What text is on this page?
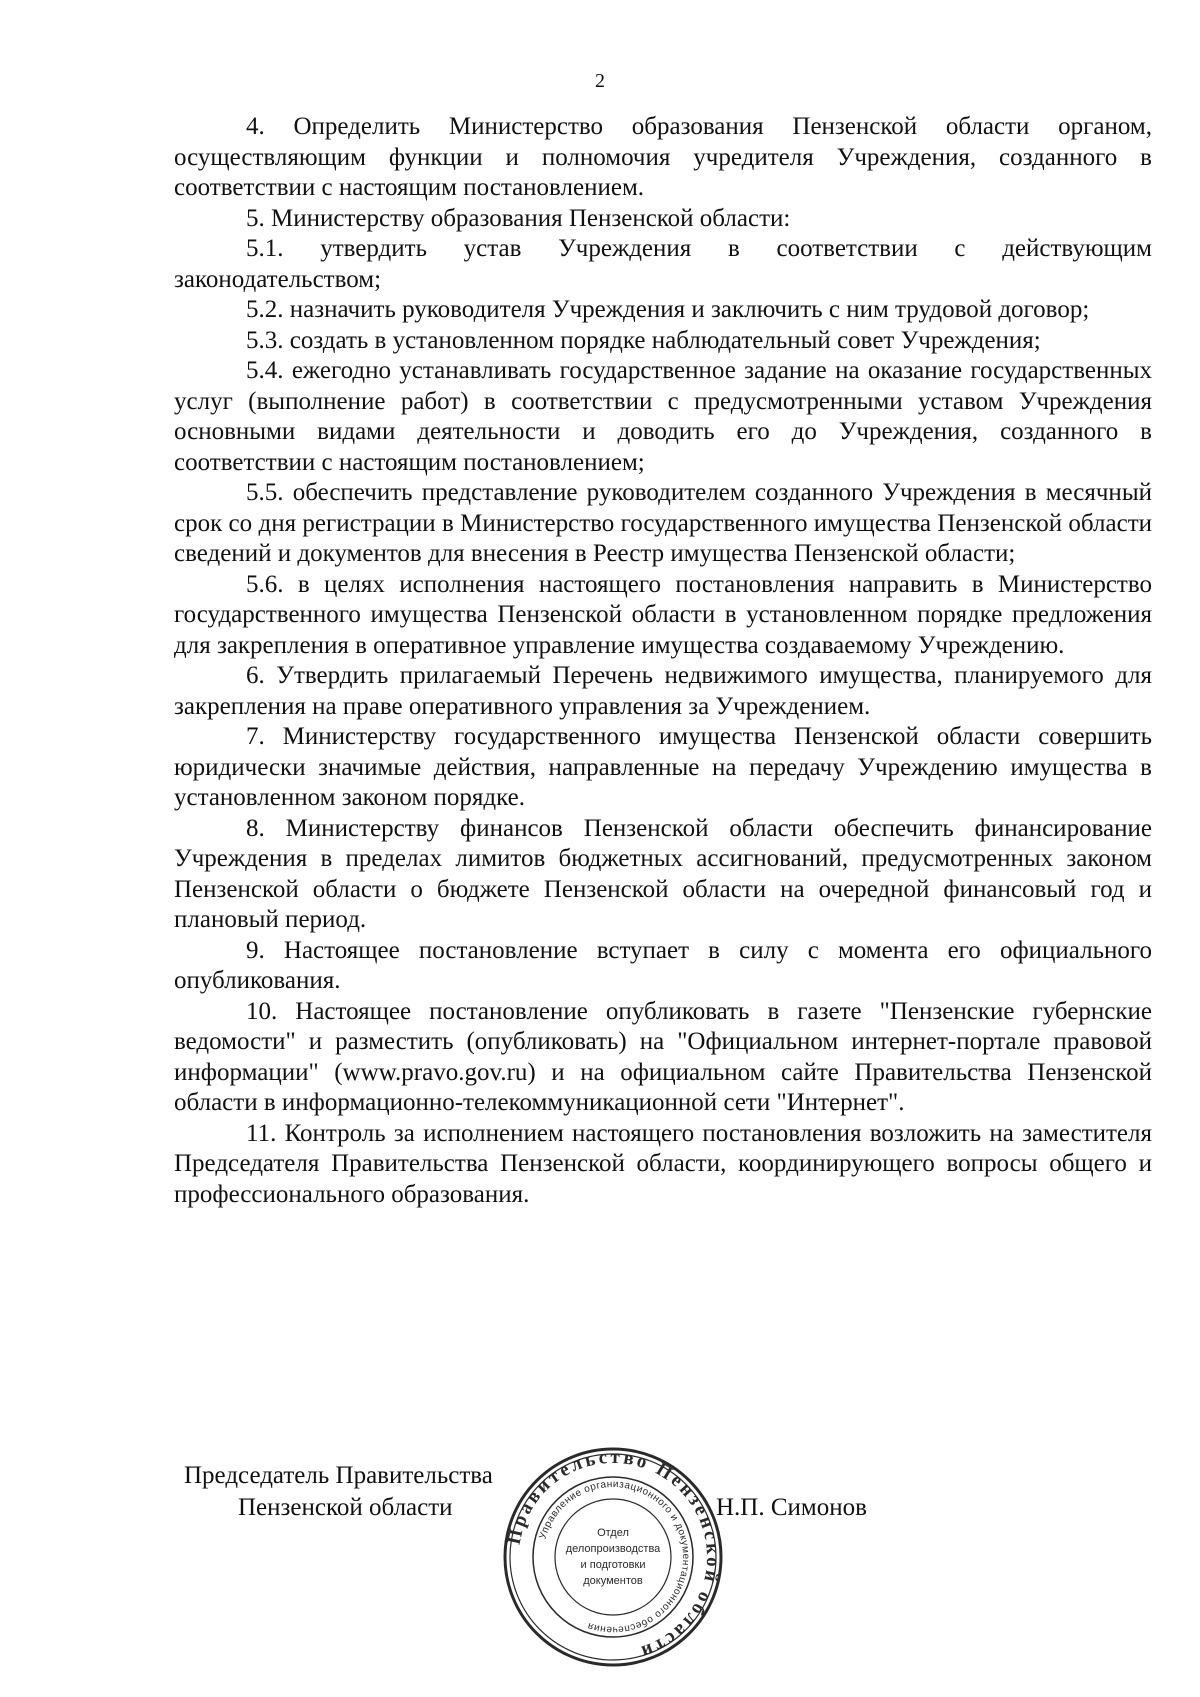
2

4. Определить Министерство образования Пензенской области органом, осуществляющим функции и полномочия учредителя Учреждения, созданного в соответствии с настоящим постановлением.

5. Министерству образования Пензенской области:

5.1. утвердить устав Учреждения в соответствии с действующим законодательством;

5.2. назначить руководителя Учреждения и заключить с ним трудовой договор;

5.3. создать в установленном порядке наблюдательный совет Учреждения;

5.4. ежегодно устанавливать государственное задание на оказание государственных услуг (выполнение работ) в соответствии с предусмотренными уставом Учреждения основными видами деятельности и доводить его до Учреждения, созданного в соответствии с настоящим постановлением;

5.5. обеспечить представление руководителем созданного Учреждения в месячный срок со дня регистрации в Министерство государственного имущества Пензенской области сведений и документов для внесения в Реестр имущества Пензенской области;

5.6. в целях исполнения настоящего постановления направить в Министерство государственного имущества Пензенской области в установленном порядке предложения для закрепления в оперативное управление имущества создаваемому Учреждению.

6. Утвердить прилагаемый Перечень недвижимого имущества, планируемого для закрепления на праве оперативного управления за Учреждением.

7. Министерству государственного имущества Пензенской области совершить юридически значимые действия, направленные на передачу Учреждению имущества в установленном законом порядке.

8. Министерству финансов Пензенской области обеспечить финансирование Учреждения в пределах лимитов бюджетных ассигнований, предусмотренных законом Пензенской области о бюджете Пензенской области на очередной финансовый год и плановый период.

9. Настоящее постановление вступает в силу с момента его официального опубликования.

10. Настоящее постановление опубликовать в газете "Пензенские губернские ведомости" и разместить (опубликовать) на "Официальном интернет-портале правовой информации" (www.pravo.gov.ru) и на официальном сайте Правительства Пензенской области в информационно-телекоммуникационной сети "Интернет".

11. Контроль за исполнением настоящего постановления возложить на заместителя Председателя Правительства Пензенской области, координирующего вопросы общего и профессионального образования.

Председатель Правительства
Пензенской области	Н.П. Симонов
Правительство Пензенской области
Управление организационного и документационного обеспечения
Отдел
делопроизводства
и подготовки
документов
